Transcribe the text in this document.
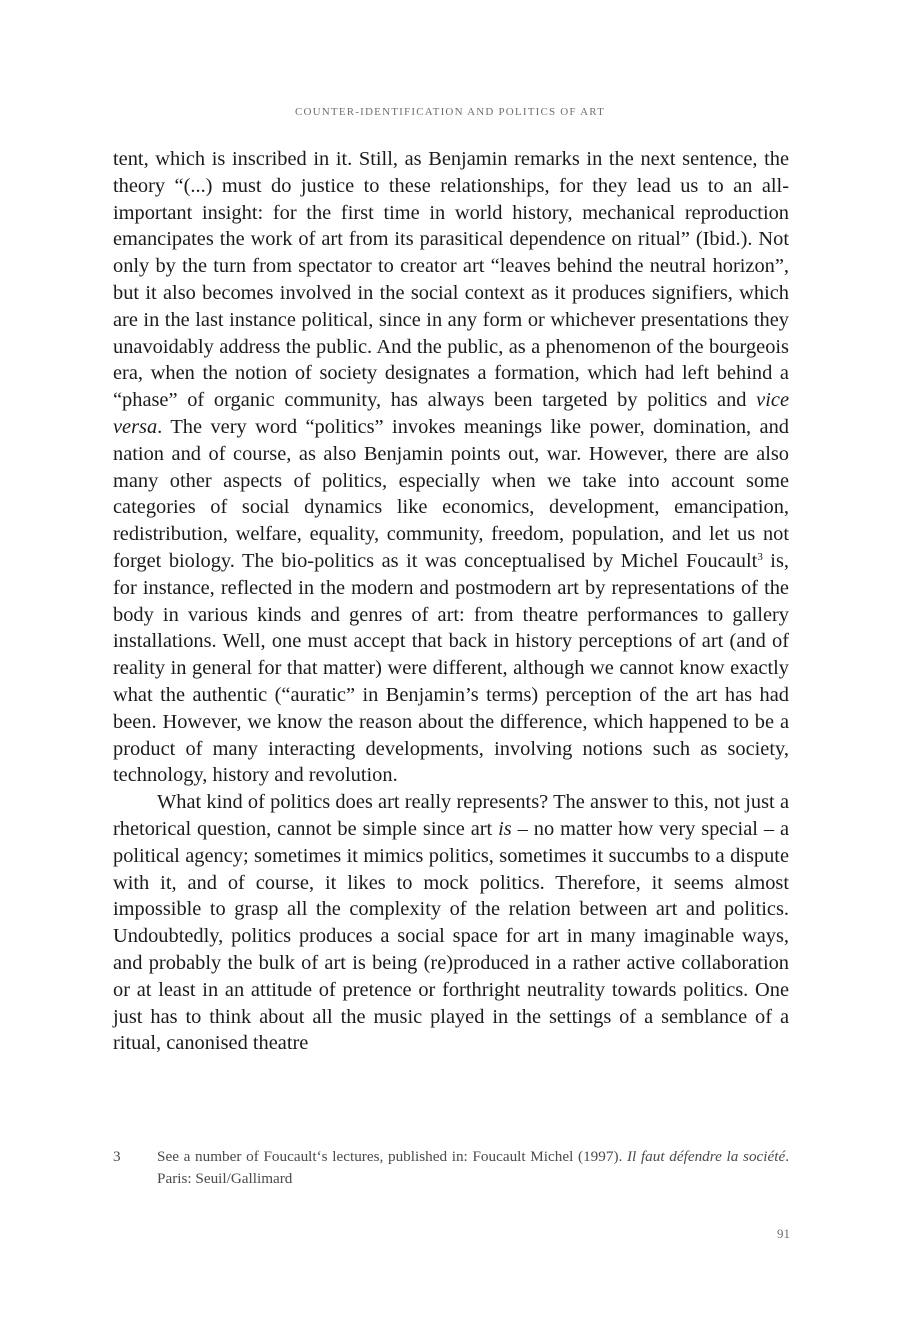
COUNTER-IDENTIFICATION AND POLITICS OF ART

tent, which is inscribed in it. Still, as Benjamin remarks in the next sentence, the theory “(...) must do justice to these relationships, for they lead us to an all-important insight: for the first time in world history, mechanical reproduction emancipates the work of art from its parasitical dependence on ritual” (Ibid.). Not only by the turn from spectator to creator art “leaves behind the neutral horizon”, but it also becomes involved in the social context as it produces signifiers, which are in the last instance political, since in any form or whichever presentations they unavoidably address the public. And the public, as a phenomenon of the bourgeois era, when the notion of society designates a formation, which had left behind a “phase” of organic community, has always been targeted by politics and vice versa. The very word “politics” invokes meanings like power, domination, and nation and of course, as also Benjamin points out, war. However, there are also many other aspects of politics, especially when we take into account some categories of social dynamics like economics, development, emancipation, redistribution, welfare, equality, community, freedom, population, and let us not forget biology. The bio-politics as it was conceptualised by Michel Foucault$^3$ is, for instance, reflected in the modern and postmodern art by representations of the body in various kinds and genres of art: from theatre performances to gallery installations. Well, one must accept that back in history perceptions of art (and of reality in general for that matter) were different, although we cannot know exactly what the authentic (“auratic” in Benjamin’s terms) perception of the art has had been. However, we know the reason about the difference, which happened to be a product of many interacting developments, involving notions such as society, technology, history and revolution.

What kind of politics does art really represents? The answer to this, not just a rhetorical question, cannot be simple since art is – no matter how very special – a political agency; sometimes it mimics politics, sometimes it succumbs to a dispute with it, and of course, it likes to mock politics. Therefore, it seems almost impossible to grasp all the complexity of the relation between art and politics. Undoubtedly, politics produces a social space for art in many imaginable ways, and probably the bulk of art is being (re)produced in a rather active collaboration or at least in an attitude of pretence or forthright neutrality towards politics. One just has to think about all the music played in the settings of a semblance of a ritual, canonised theatre

3 See a number of Foucault‘s lectures, published in: Foucault Michel (1997). Il faut défendre la société. Paris: Seuil/Gallimard
91
